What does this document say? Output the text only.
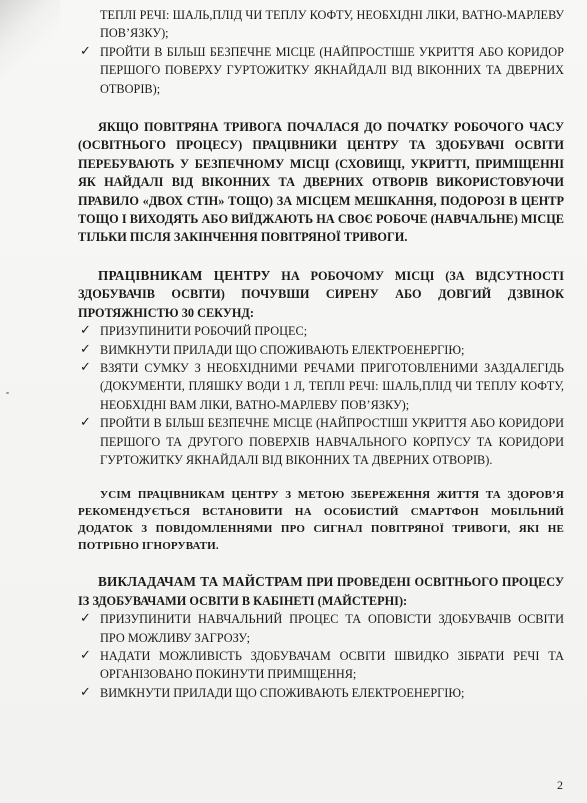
ТЕПЛІ РЕЧІ: ШАЛЬ,ПЛІД ЧИ ТЕПЛУ КОФТУ, НЕОБХІДНІ ЛІКИ, ВАТНО-МАРЛЕВУ ПОВ’ЯЗКУ);
✓ ПРОЙТИ В БІЛЬШ БЕЗПЕЧНЕ МІСЦЕ (НАЙПРОСТІШЕ УКРИТТЯ АБО КОРИДОР ПЕРШОГО ПОВЕРХУ ГУРТОЖИТКУ ЯКНАЙДАЛІ ВІД ВІКОННИХ ТА ДВЕРНИХ ОТВОРІВ);
ЯКЩО ПОВІТРЯНА ТРИВОГА ПОЧАЛАСЯ ДО ПОЧАТКУ РОБОЧОГО ЧАСУ (ОСВІТНЬОГО ПРОЦЕСУ) ПРАЦІВНИКИ ЦЕНТРУ ТА ЗДОБУВАЧІ ОСВІТИ ПЕРЕБУВАЮТЬ У БЕЗПЕЧНОМУ МІСЦІ (СХОВИЩІ, УКРИТТІ, ПРИМІЩЕННІ ЯК НАЙДАЛІ ВІД ВІКОННИХ ТА ДВЕРНИХ ОТВОРІВ ВИКОРИСТОВУЮЧИ ПРАВИЛО «ДВОХ СТІН» ТОЩО) ЗА МІСЦЕМ МЕШКАННЯ, ПОДОРОЗІ В ЦЕНТР ТОЩО І ВИХОДЯТЬ АБО ВИЇДЖАЮТЬ НА СВОЄ РОБОЧЕ (НАВЧАЛЬНЕ) МІСЦЕ ТІЛЬКИ ПІСЛЯ ЗАКІНЧЕННЯ ПОВІТРЯНОЇ ТРИВОГИ.
ПРАЦІВНИКАМ ЦЕНТРУ НА РОБОЧОМУ МІСЦІ (ЗА ВІДСУТНОСТІ ЗДОБУВАЧІВ ОСВІТИ) ПОЧУВШИ СИРЕНУ АБО ДОВГИЙ ДЗВІНОК ПРОТЯЖНІСТЮ 30 СЕКУНД:
✓ ПРИЗУПИНИТИ РОБОЧИЙ ПРОЦЕС;
✓ ВИМКНУТИ ПРИЛАДИ ЩО СПОЖИВАЮТЬ ЕЛЕКТРОЕНЕРГІЮ;
✓ ВЗЯТИ СУМКУ З НЕОБХІДНИМИ РЕЧАМИ ПРИГОТОВЛЕНИМИ ЗАЗДАЛЕГІДЬ (ДОКУМЕНТИ, ПЛЯШКУ ВОДИ 1 Л, ТЕПЛІ РЕЧІ: ШАЛЬ,ПЛІД ЧИ ТЕПЛУ КОФТУ, НЕОБХІДНІ ВАМ ЛІКИ, ВАТНО-МАРЛЕВУ ПОВ’ЯЗКУ);
✓ ПРОЙТИ В БІЛЬШ БЕЗПЕЧНЕ МІСЦЕ (НАЙПРОСТІШІ УКРИТТЯ АБО КОРИДОРИ ПЕРШОГО ТА ДРУГОГО ПОВЕРХІВ НАВЧАЛЬНОГО КОРПУСУ ТА КОРИДОРИ ГУРТОЖИТКУ ЯКНАЙДАЛІ ВІД ВІКОННИХ ТА ДВЕРНИХ ОТВОРІВ).
УСІМ ПРАЦІВНИКАМ ЦЕНТРУ З МЕТОЮ ЗБЕРЕЖЕННЯ ЖИТТЯ ТА ЗДОРОВ’Я РЕКОМЕНДУЄТЬСЯ ВСТАНОВИТИ НА ОСОБИСТИЙ СМАРТФОН МОБІЛЬНИЙ ДОДАТОК З ПОВІДОМЛЕННЯМИ ПРО СИГНАЛ ПОВІТРЯНОЇ ТРИВОГИ, ЯКІ НЕ ПОТРІБНО ІГНОРУВАТИ.
ВИКЛАДАЧАМ ТА МАЙСТРАМ ПРИ ПРОВЕДЕНІ ОСВІТНЬОГО ПРОЦЕСУ ІЗ ЗДОБУВАЧАМИ ОСВІТИ В КАБІНЕТІ (МАЙСТЕРНІ):
✓ ПРИЗУПИНИТИ НАВЧАЛЬНИЙ ПРОЦЕС ТА ОПОВІСТИ ЗДОБУВАЧІВ ОСВІТИ ПРО МОЖЛИВУ ЗАГРОЗУ;
✓ НАДАТИ МОЖЛИВІСТЬ ЗДОБУВАЧАМ ОСВІТИ ШВИДКО ЗІБРАТИ РЕЧІ ТА ОРГАНІЗОВАНО ПОКИНУТИ ПРИМІЩЕННЯ;
✓ ВИМКНУТИ ПРИЛАДИ ЩО СПОЖИВАЮТЬ ЕЛЕКТРОЕНЕРГІЮ;
2
